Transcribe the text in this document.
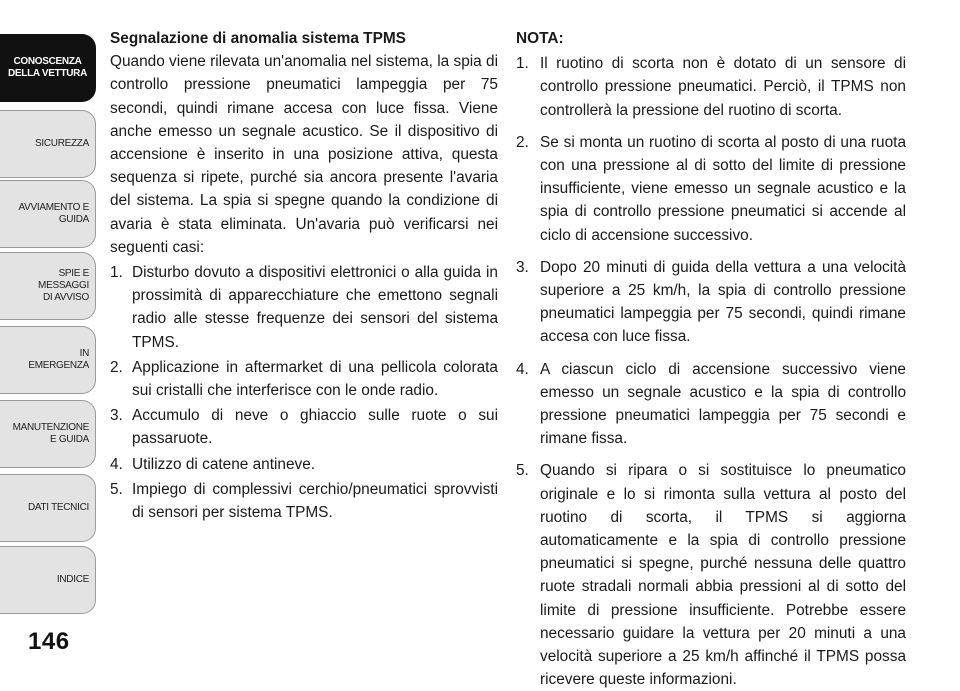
CONOSCENZA
DELLA VETTURA
SICUREZZA
AVVIAMENTO E
GUIDA
SPIE E
MESSAGGI
DI AVVISO
IN
EMERGENZA
MANUTENZIONE
E GUIDA
DATI TECNICI
INDICE
146

Segnalazione di anomalia sistema TPMS

Quando viene rilevata un'anomalia nel sistema, la spia di controllo pressione pneumatici lampeggia per 75 secondi, quindi rimane accesa con luce fissa. Viene anche emesso un segnale acustico. Se il dispositivo di accensione è inserito in una posizione attiva, questa sequenza si ripete, purché sia ancora presente l'avaria del sistema. La spia si spegne quando la condizione di avaria è stata eliminata. Un'avaria può verificarsi nei seguenti casi:

1. Disturbo dovuto a dispositivi elettronici o alla guida in prossimità di apparecchiature che emettono segnali radio alle stesse frequenze dei sensori del sistema TPMS.
2. Applicazione in aftermarket di una pellicola colorata sui cristalli che interferisce con le onde radio.
3. Accumulo di neve o ghiaccio sulle ruote o sui passaruote.
4. Utilizzo di catene antineve.
5. Impiego di complessivi cerchio/pneumatici sprovvisti di sensori per sistema TPMS.

NOTA:

1. Il ruotino di scorta non è dotato di un sensore di controllo pressione pneumatici. Perciò, il TPMS non controllerà la pressione del ruotino di scorta.
2. Se si monta un ruotino di scorta al posto di una ruota con una pressione al di sotto del limite di pressione insufficiente, viene emesso un segnale acustico e la spia di controllo pressione pneumatici si accende al ciclo di accensione successivo.
3. Dopo 20 minuti di guida della vettura a una velocità superiore a 25 km/h, la spia di controllo pressione pneumatici lampeggia per 75 secondi, quindi rimane accesa con luce fissa.
4. A ciascun ciclo di accensione successivo viene emesso un segnale acustico e la spia di controllo pressione pneumatici lampeggia per 75 secondi e rimane fissa.
5. Quando si ripara o si sostituisce lo pneumatico originale e lo si rimonta sulla vettura al posto del ruotino di scorta, il TPMS si aggiorna automaticamente e la spia di controllo pressione pneumatici si spegne, purché nessuna delle quattro ruote stradali normali abbia pressioni al di sotto del limite di pressione insufficiente. Potrebbe essere necessario guidare la vettura per 20 minuti a una velocità superiore a 25 km/h affinché il TPMS possa ricevere queste informazioni.
